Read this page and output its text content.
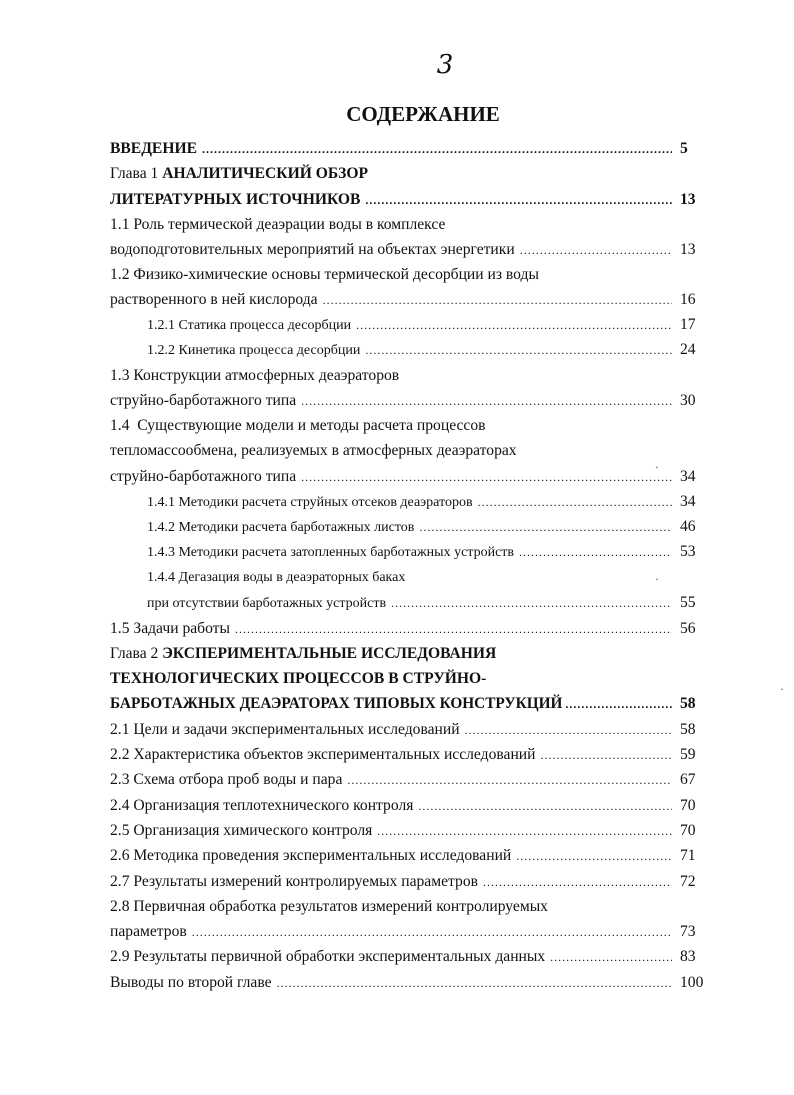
3
СОДЕРЖАНИЕ
ВВЕДЕНИЕ .....	5
Глава 1 АНАЛИТИЧЕСКИЙ ОБЗОР
ЛИТЕРАТУРНЫХ ИСТОЧНИКОВ .....	13
1.1 Роль термической деаэрации воды в комплексе
водоподготовительных мероприятий на объектах энергетики .....	13
1.2 Физико-химические основы термической десорбции из воды
растворенного в ней кислорода .....	16
1.2.1 Статика процесса десорбции .....	17
1.2.2 Кинетика процесса десорбции .....	24
1.3 Конструкции атмосферных деаэраторов
струйно-барботажного типа .....	30
1.4  Существующие модели и методы расчета процессов
тепломассообмена, реализуемых в атмосферных деаэраторах
струйно-барботажного типа .....	34
1.4.1 Методики расчета струйных отсеков деаэраторов .....	34
1.4.2 Методики расчета барботажных листов .....	46
1.4.3 Методики расчета затопленных барботажных устройств .....	53
1.4.4 Дегазация воды в деаэраторных баках
при отсутствии барботажных устройств .....	55
1.5 Задачи работы .....	56
Глава 2 ЭКСПЕРИМЕНТАЛЬНЫЕ ИССЛЕДОВАНИЯ
ТЕХНОЛОГИЧЕСКИХ ПРОЦЕССОВ В СТРУЙНО-
БАРБОТАЖНЫХ ДЕАЭРАТОРАХ ТИПОВЫХ КОНСТРУКЦИЙ .....	58
2.1 Цели и задачи экспериментальных исследований .....	58
2.2 Характеристика объектов экспериментальных исследований .....	59
2.3 Схема отбора проб воды и пара .....	67
2.4 Организация теплотехнического контроля .....	70
2.5 Организация химического контроля .....	70
2.6 Методика проведения экспериментальных исследований .....	71
2.7 Результаты измерений контролируемых параметров .....	72
2.8 Первичная обработка результатов измерений контролируемых
параметров .....	73
2.9 Результаты первичной обработки экспериментальных данных .....	83
Выводы по второй главе .....	100
ˏ
·
·
